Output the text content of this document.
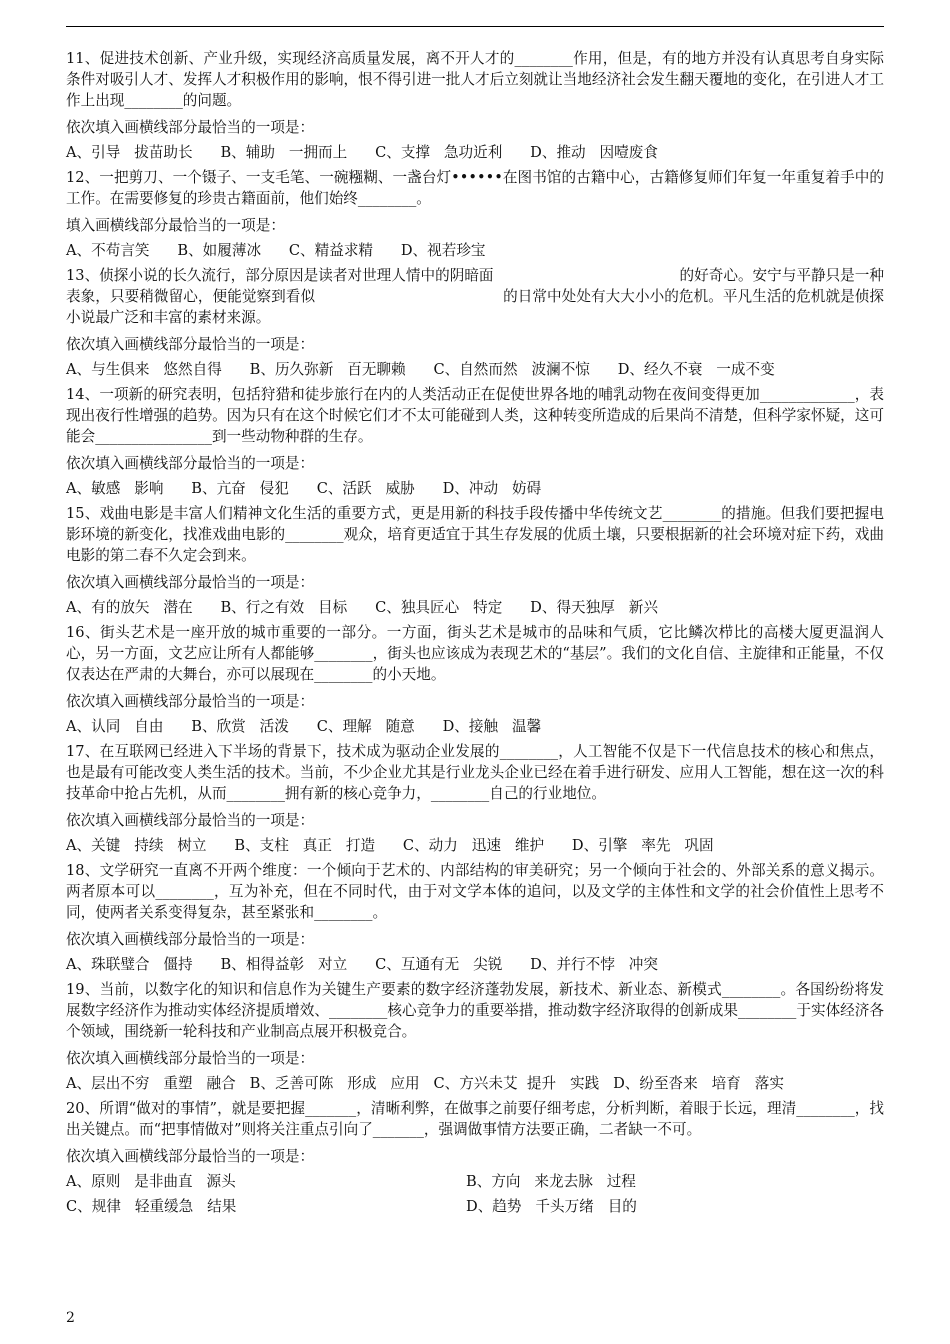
11、促进技术创新、产业升级，实现经济高质量发展，离不开人才的________作用，但是，有的地方并没有认真思考自身实际条件对吸引人才、发挥人才积极作用的影响，恨不得引进一批人才后立刻就让当地经济社会发生翻天覆地的变化，在引进人才工作上出现________的问题。

依次填入画横线部分最恰当的一项是：

A、引导   拔苗助长      B、辅助   一拥而上      C、支撑   急功近利      D、推动   因噎废食

12、一把剪刀、一个镊子、一支毛笔、一碗糨糊、一盏台灯••••••在图书馆的古籍中心，古籍修复师们年复一年重复着手中的工作。在需要修复的珍贵古籍面前，他们始终________。

填入画横线部分最恰当的一项是：

A、不苟言笑      B、如履薄冰      C、精益求精      D、视若珍宝

13、侦探小说的长久流行，部分原因是读者对世理人情中的阴暗面                                        的好奇心。安宁与平静只是一种表象，只要稍微留心，便能觉察到看似                                        的日常中处处有大大小小的危机。平凡生活的危机就是侦探小说最广泛和丰富的素材来源。

依次填入画横线部分最恰当的一项是：

A、与生俱来   悠然自得      B、历久弥新   百无聊赖      C、自然而然   波澜不惊      D、经久不衰   一成不变

14、一项新的研究表明，包括狩猎和徒步旅行在内的人类活动正在促使世界各地的哺乳动物在夜间变得更加_____________，表现出夜行性增强的趋势。因为只有在这个时候它们才不太可能碰到人类，这种转变所造成的后果尚不清楚，但科学家怀疑，这可能会________________到一些动物种群的生存。

依次填入画横线部分最恰当的一项是：

A、敏感   影响      B、亢奋   侵犯      C、活跃   威胁      D、冲动   妨碍

15、戏曲电影是丰富人们精神文化生活的重要方式，更是用新的科技手段传播中华传统文艺________的措施。但我们要把握电影环境的新变化，找准戏曲电影的________观众，培育更适宜于其生存发展的优质土壤，只要根据新的社会环境对症下药，戏曲电影的第二春不久定会到来。

依次填入画横线部分最恰当的一项是：

A、有的放矢   潜在      B、行之有效   目标      C、独具匠心   特定      D、得天独厚   新兴

16、街头艺术是一座开放的城市重要的一部分。一方面，街头艺术是城市的品味和气质，它比鳞次栉比的高楼大厦更温润人心，另一方面，文艺应让所有人都能够________，街头也应该成为表现艺术的“基层”。我们的文化自信、主旋律和正能量，不仅仅表达在严肃的大舞台，亦可以展现在________的小天地。

依次填入画横线部分最恰当的一项是：

A、认同   自由      B、欣赏   活泼      C、理解   随意      D、接触   温馨

17、在互联网已经进入下半场的背景下，技术成为驱动企业发展的________，人工智能不仅是下一代信息技术的核心和焦点，也是最有可能改变人类生活的技术。当前，不少企业尤其是行业龙头企业已经在着手进行研发、应用人工智能，想在这一次的科技革命中抢占先机，从而________拥有新的核心竞争力，________自己的行业地位。

依次填入画横线部分最恰当的一项是：

A、关键   持续   树立      B、支柱   真正   打造      C、动力   迅速   维护      D、引擎   率先   巩固

18、文学研究一直离不开两个维度：一个倾向于艺术的、内部结构的审美研究；另一个倾向于社会的、外部关系的意义揭示。两者原本可以________，互为补充，但在不同时代，由于对文学本体的追问，以及文学的主体性和文学的社会价值性上思考不同，使两者关系变得复杂，甚至紧张和________。

依次填入画横线部分最恰当的一项是：

A、珠联璧合   僵持      B、相得益彰   对立      C、互通有无   尖锐      D、并行不悖   冲突

19、当前，以数字化的知识和信息作为关键生产要素的数字经济蓬勃发展，新技术、新业态、新模式________。各国纷纷将发展数字经济作为推动实体经济提质增效、________核心竞争力的重要举措，推动数字经济取得的创新成果________于实体经济各个领域，围绕新一轮科技和产业制高点展开积极竞合。

依次填入画横线部分最恰当的一项是：

A、层出不穷   重塑   融合   B、乏善可陈   形成   应用   C、方兴未艾  提升   实践   D、纷至沓来   培育   落实

20、所谓“做对的事情”，就是要把握_______，清晰利弊，在做事之前要仔细考虑，分析判断，着眼于长远，理清________，找出关键点。而“把事情做对”则将关注重点引向了_______，强调做事情方法要正确，二者缺一不可。

依次填入画横线部分最恰当的一项是：

A、原则   是非曲直   源头	B、方向   来龙去脉   过程
C、规律   轻重缓急   结果	D、趋势   千头万绪   目的
2
